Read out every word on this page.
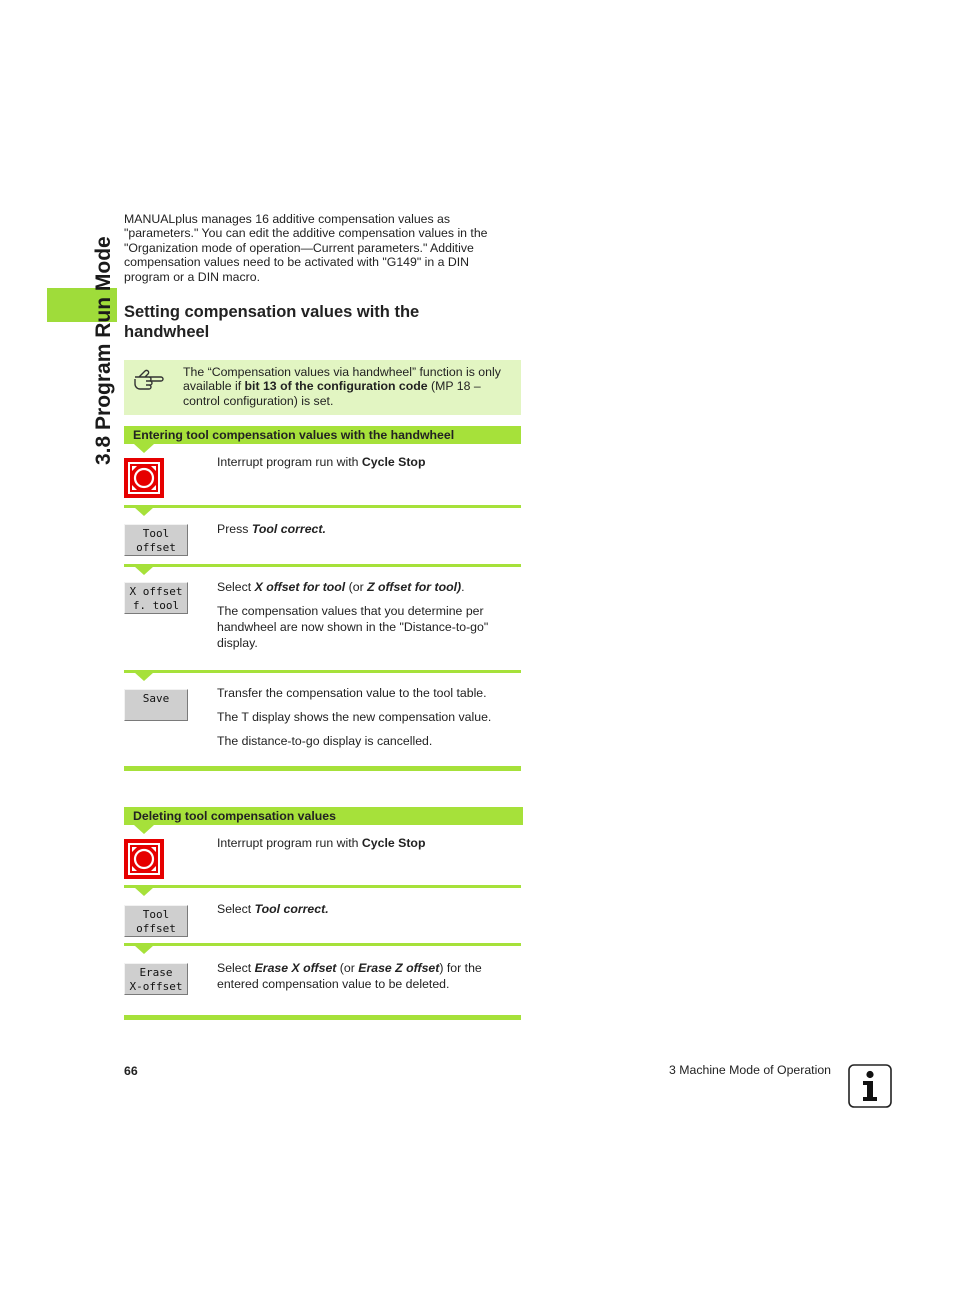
3.8 Program Run Mode
MANUALplus manages 16 additive compensation values as "parameters." You can edit the additive compensation values in the "Organization mode of operation—Current parameters." Additive compensation values need to be activated with "G149" in a DIN program or a DIN macro.
Setting compensation values with the handwheel
The “Compensation values via handwheel” function is only available if bit 13 of the configuration code (MP 18 – control configuration) is set.
Entering tool compensation values with the handwheel
Interrupt program run with Cycle Stop
Tool
offset
Press Tool correct.
X offset
f. tool

Select X offset for tool (or Z offset for tool).

The compensation values that you determine per handwheel are now shown in the "Distance-to-go" display.

Save	Transfer the compensation value to the tool table.

The T display shows the new compensation value.

The distance-to-go display is cancelled.

Deleting tool compensation values
Interrupt program run with Cycle Stop
Tool
offset
Select Tool correct.
Erase
X-offset
Select Erase X offset (or Erase Z offset) for the entered compensation value to be deleted.
66	3 Machine Mode of Operation
